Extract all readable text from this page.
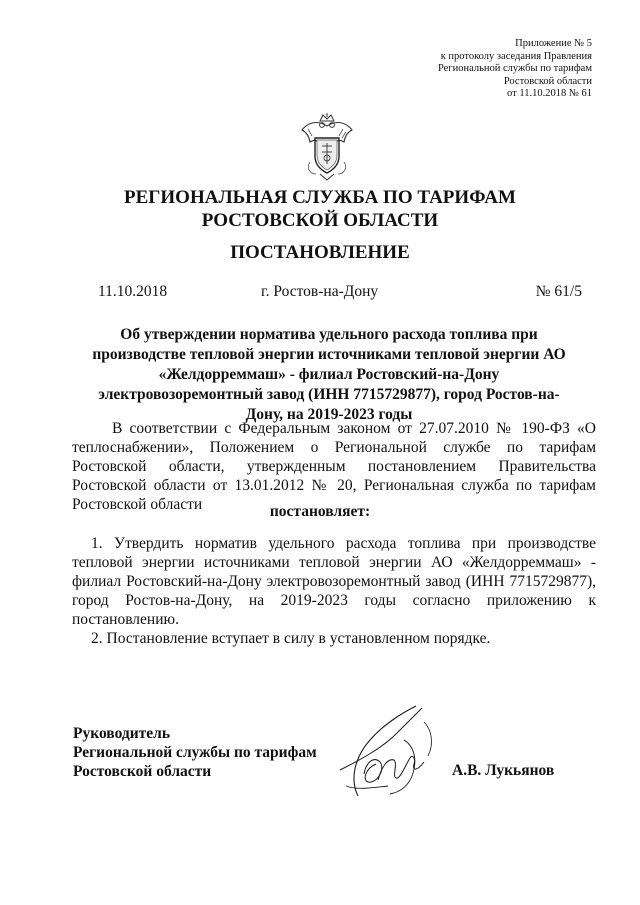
Приложение № 5
к протоколу заседания Правления
Региональной службы по тарифам
Ростовской области
от 11.10.2018 № 61
РЕГИОНАЛЬНАЯ СЛУЖБА ПО ТАРИФАМ
РОСТОВСКОЙ ОБЛАСТИ
ПОСТАНОВЛЕНИЕ
11.10.2018	г. Ростов-на-Дону	№ 61/5
Об утверждении норматива удельного расхода топлива при производстве тепловой энергии источниками тепловой энергии АО «Желдорреммаш» - филиал Ростовский-на-Дону электровозоремонтный завод (ИНН 7715729877), город Ростов-на-Дону, на 2019-2023 годы
В соответствии с Федеральным законом от 27.07.2010 № 190-ФЗ «О теплоснабжении», Положением о Региональной службе по тарифам Ростовской области, утвержденным постановлением Правительства Ростовской области от 13.01.2012 № 20, Региональная служба по тарифам Ростовской области	постановляет:
1. Утвердить норматив удельного расхода топлива при производстве тепловой энергии источниками тепловой энергии АО «Желдорреммаш» - филиал Ростовский-на-Дону электровозоремонтный завод (ИНН 7715729877), город Ростов-на-Дону, на 2019-2023 годы согласно приложению к постановлению.
2. Постановление вступает в силу в установленном порядке.
Руководитель
Региональной службы по тарифам
Ростовской области	А.В. Лукьянов
